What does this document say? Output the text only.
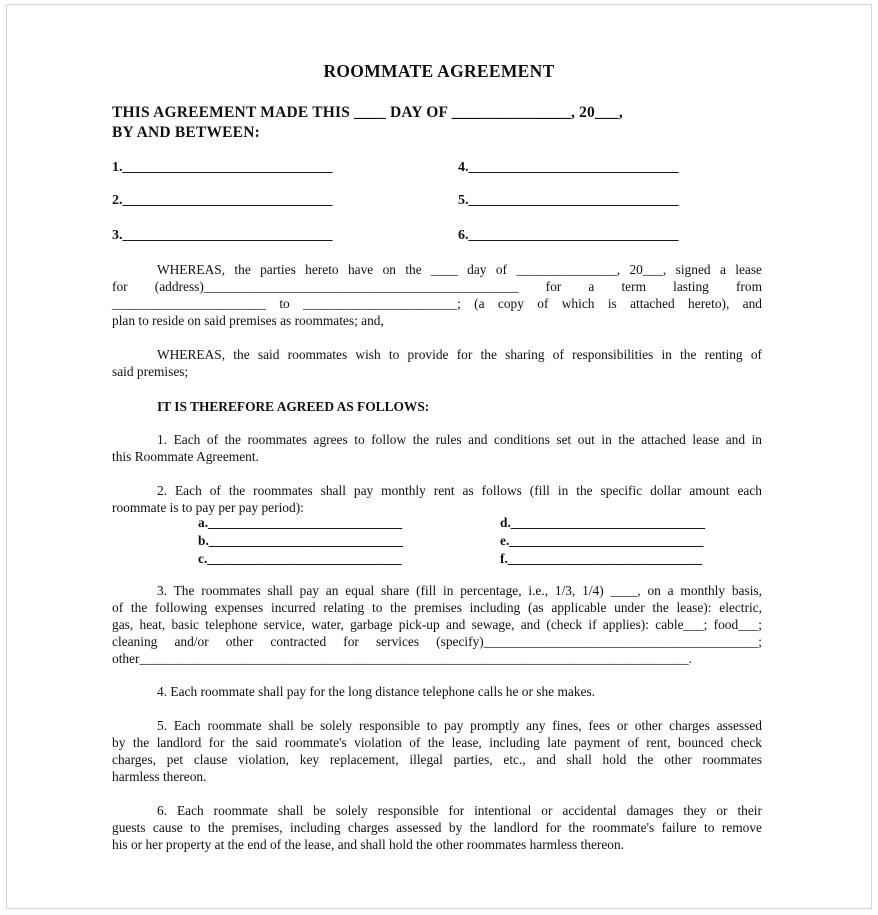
ROOMMATE AGREEMENT
THIS AGREEMENT MADE THIS ____ DAY OF _______________, 20___,
BY AND BETWEEN:
1.______________________________
2.______________________________
3.______________________________
4.______________________________
5.______________________________
6.______________________________
WHEREAS, the parties hereto have on the ____ day of _______________, 20___, signed a lease
for (address)_______________________________________________ for a term lasting from
_______________________ to _______________________; (a copy of which is attached hereto), and
plan to reside on said premises as roommates; and,
WHEREAS, the said roommates wish to provide for the sharing of responsibilities in the renting of
said premises;
IT IS THEREFORE AGREED AS FOLLOWS:
1. Each of the roommates agrees to follow the rules and conditions set out in the attached lease and in
this Roommate Agreement.
2. Each of the roommates shall pay monthly rent as follows (fill in the specific dollar amount each
roommate is to pay per pay period):
a._____________________________
b._____________________________
c._____________________________
d._____________________________
e._____________________________
f._____________________________
3. The roommates shall pay an equal share (fill in percentage, i.e., 1/3, 1/4) ____, on a monthly basis,
of the following expenses incurred relating to the premises including (as applicable under the lease): electric,
gas, heat, basic telephone service, water, garbage pick-up and sewage, and (check if applies): cable___; food___;
cleaning and/or other contracted for services (specify)_________________________________________;
other__________________________________________________________________________________.
4. Each roommate shall pay for the long distance telephone calls he or she makes.
5. Each roommate shall be solely responsible to pay promptly any fines, fees or other charges assessed
by the landlord for the said roommate's violation of the lease, including late payment of rent, bounced check
charges, pet clause violation, key replacement, illegal parties, etc., and shall hold the other roommates
harmless thereon.
6. Each roommate shall be solely responsible for intentional or accidental damages they or their
guests cause to the premises, including charges assessed by the landlord for the roommate's failure to remove
his or her property at the end of the lease, and shall hold the other roommates harmless thereon.
